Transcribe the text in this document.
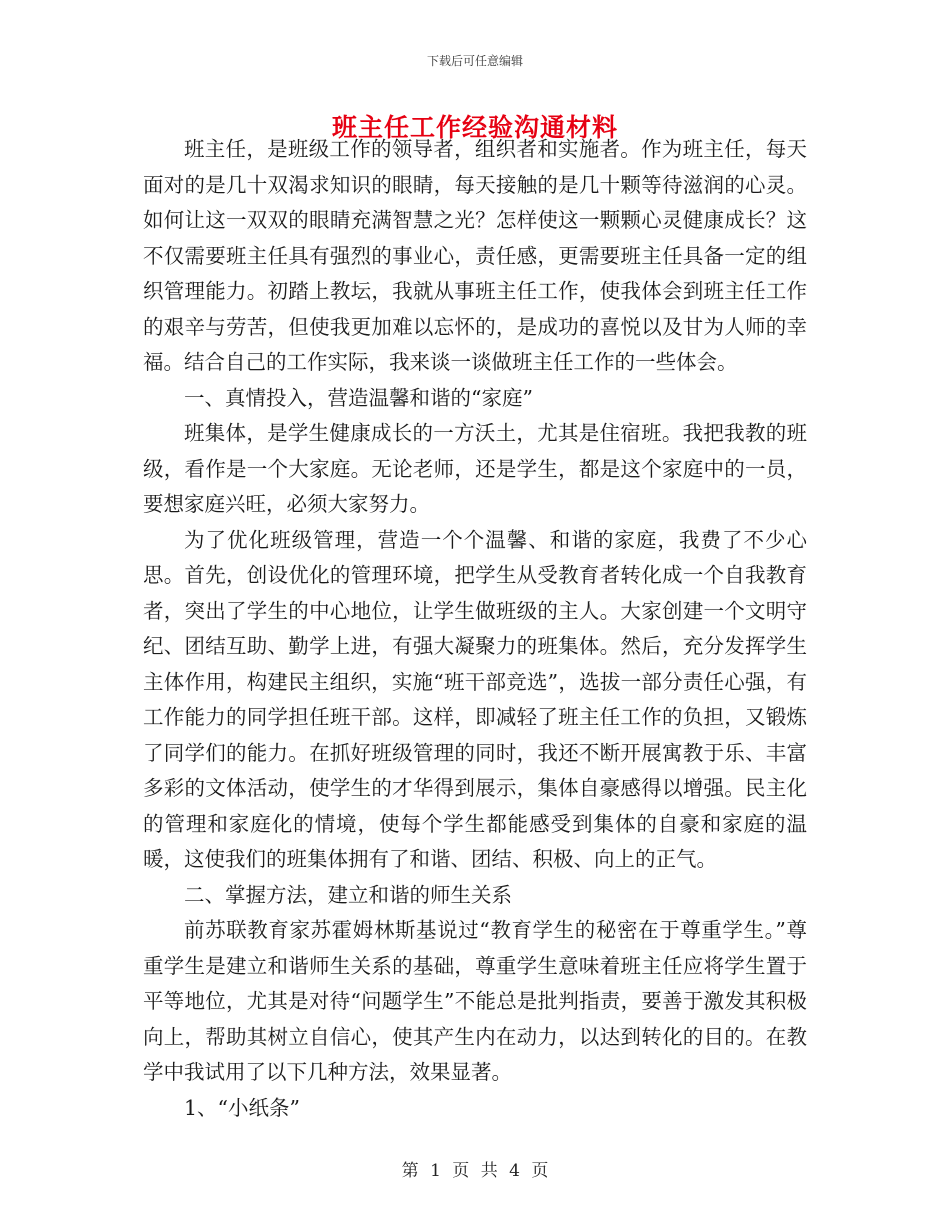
下载后可任意编辑
班主任工作经验沟通材料

班主任，是班级工作的领导者，组织者和实施者。作为班主任，每天面对的是几十双渴求知识的眼睛，每天接触的是几十颗等待滋润的心灵。如何让这一双双的眼睛充满智慧之光？怎样使这一颗颗心灵健康成长？这不仅需要班主任具有强烈的事业心，责任感，更需要班主任具备一定的组织管理能力。初踏上教坛，我就从事班主任工作，使我体会到班主任工作的艰辛与劳苦，但使我更加难以忘怀的，是成功的喜悦以及甘为人师的幸福。结合自己的工作实际，我来谈一谈做班主任工作的一些体会。

一、真情投入，营造温馨和谐的“家庭”

班集体，是学生健康成长的一方沃土，尤其是住宿班。我把我教的班级，看作是一个大家庭。无论老师，还是学生，都是这个家庭中的一员，要想家庭兴旺，必须大家努力。

为了优化班级管理，营造一个个温馨、和谐的家庭，我费了不少心思。首先，创设优化的管理环境，把学生从受教育者转化成一个自我教育者，突出了学生的中心地位，让学生做班级的主人。大家创建一个文明守纪、团结互助、勤学上进，有强大凝聚力的班集体。然后，充分发挥学生主体作用，构建民主组织，实施“班干部竞选”，选拔一部分责任心强，有工作能力的同学担任班干部。这样，即减轻了班主任工作的负担，又锻炼了同学们的能力。在抓好班级管理的同时，我还不断开展寓教于乐、丰富多彩的文体活动，使学生的才华得到展示，集体自豪感得以增强。民主化的管理和家庭化的情境，使每个学生都能感受到集体的自豪和家庭的温暖，这使我们的班集体拥有了和谐、团结、积极、向上的正气。

二、掌握方法，建立和谐的师生关系

前苏联教育家苏霍姆林斯基说过“教育学生的秘密在于尊重学生。”尊重学生是建立和谐师生关系的基础，尊重学生意味着班主任应将学生置于平等地位，尤其是对待“问题学生”不能总是批判指责，要善于激发其积极向上，帮助其树立自信心，使其产生内在动力，以达到转化的目的。在教学中我试用了以下几种方法，效果显著。

1、“小纸条”

第 1 页 共 4 页
